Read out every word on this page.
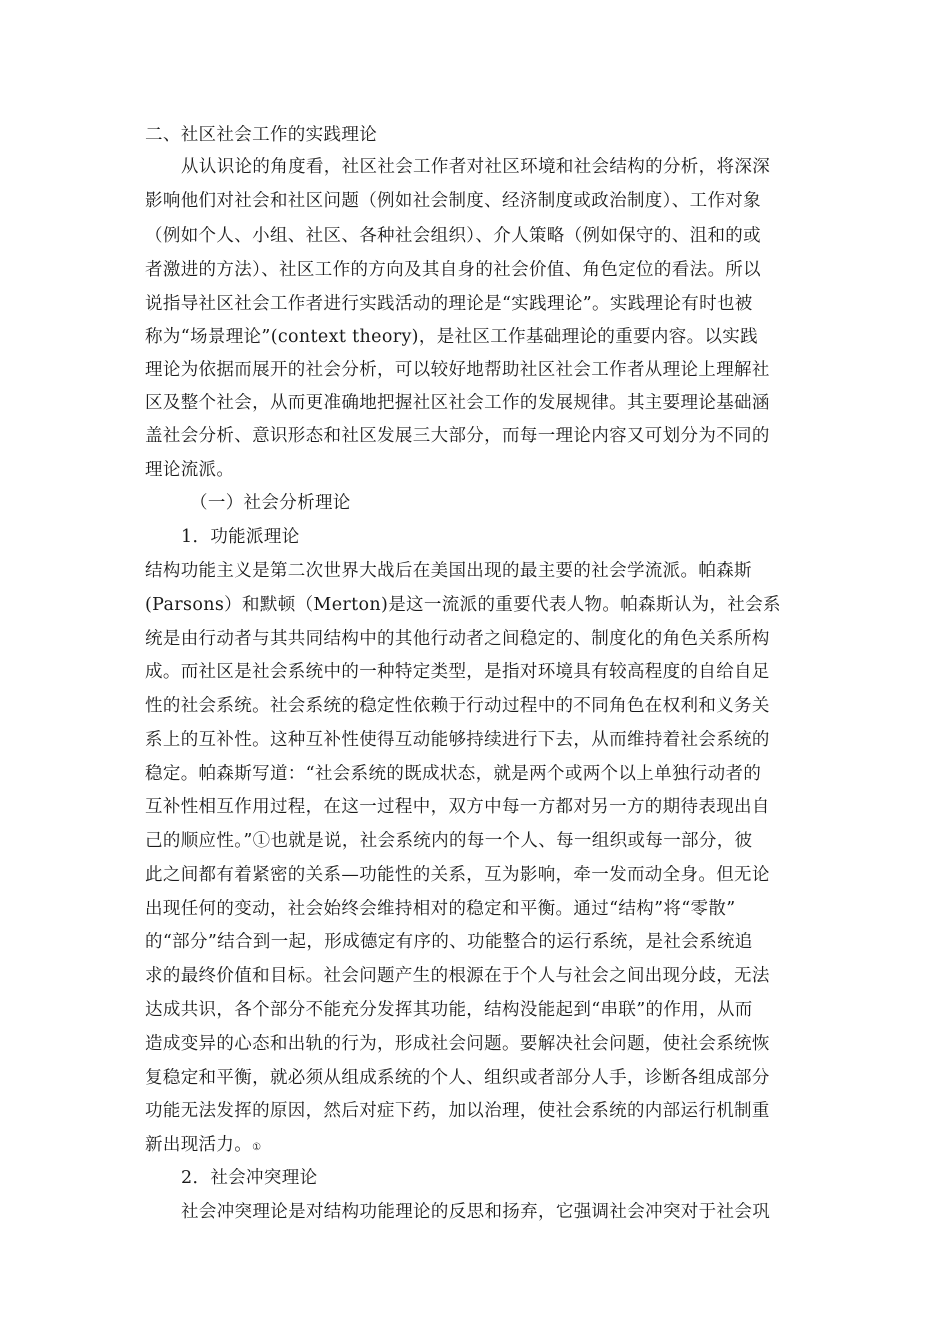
二、社区社会工作的实践理论
从认识论的角度看，社区社会工作者对社区环境和社会结构的分析，将深深
影响他们对社会和社区问题（例如社会制度、经济制度或政治制度）、工作对象
（例如个人、小组、社区、各种社会组织）、介人策略（例如保守的、沮和的或
者激进的方法）、社区工作的方向及其自身的社会价值、角色定位的看法。所以
说指导社区社会工作者进行实践活动的理论是“实践理论”。实践理论有时也被
称为“场景理论”(context theory)，是社区工作基础理论的重要内容。以实践
理论为依据而展开的社会分析，可以较好地帮助社区社会工作者从理论上理解社
区及整个社会，从而更准确地把握社区社会工作的发展规律。其主要理论基础涵
盖社会分析、意识形态和社区发展三大部分，而每一理论内容又可划分为不同的
理论流派。
（一）社会分析理论
1．功能派理论
结构功能主义是第二次世界大战后在美国出现的最主要的社会学流派。帕森斯
(Parsons）和默顿（Merton)是这一流派的重要代表人物。帕森斯认为，社会系
统是由行动者与其共同结构中的其他行动者之间稳定的、制度化的角色关系所构
成。而社区是社会系统中的一种特定类型，是指对环境具有较高程度的自给自足
性的社会系统。社会系统的稳定性依赖于行动过程中的不同角色在权利和义务关
系上的互补性。这种互补性使得互动能够持续进行下去，从而维持着社会系统的
稳定。帕森斯写道：“社会系统的既成状态，就是两个或两个以上单独行动者的
互补性相互作用过程，在这一过程中，双方中每一方都对另一方的期待表现出自
己的顺应性。”①也就是说，社会系统内的每一个人、每一组织或每一部分，彼
此之间都有着紧密的关系—功能性的关系，互为影响，牵一发而动全身。但无论
出现任何的变动，社会始终会维持相对的稳定和平衡。通过“结构”将“零散”
的“部分”结合到一起，形成德定有序的、功能整合的运行系统，是社会系统追
求的最终价值和目标。社会问题产生的根源在于个人与社会之间出现分歧，无法
达成共识，各个部分不能充分发挥其功能，结构没能起到“串联”的作用，从而
造成变异的心态和出轨的行为，形成社会问题。要解决社会问题，使社会系统恢
复稳定和平衡，就必须从组成系统的个人、组织或者部分人手，诊断各组成部分
功能无法发挥的原因，然后对症下药，加以治理，使社会系统的内部运行机制重
新出现活力。①
2．社会冲突理论
社会冲突理论是对结构功能理论的反思和扬弃，它强调社会冲突对于社会巩
